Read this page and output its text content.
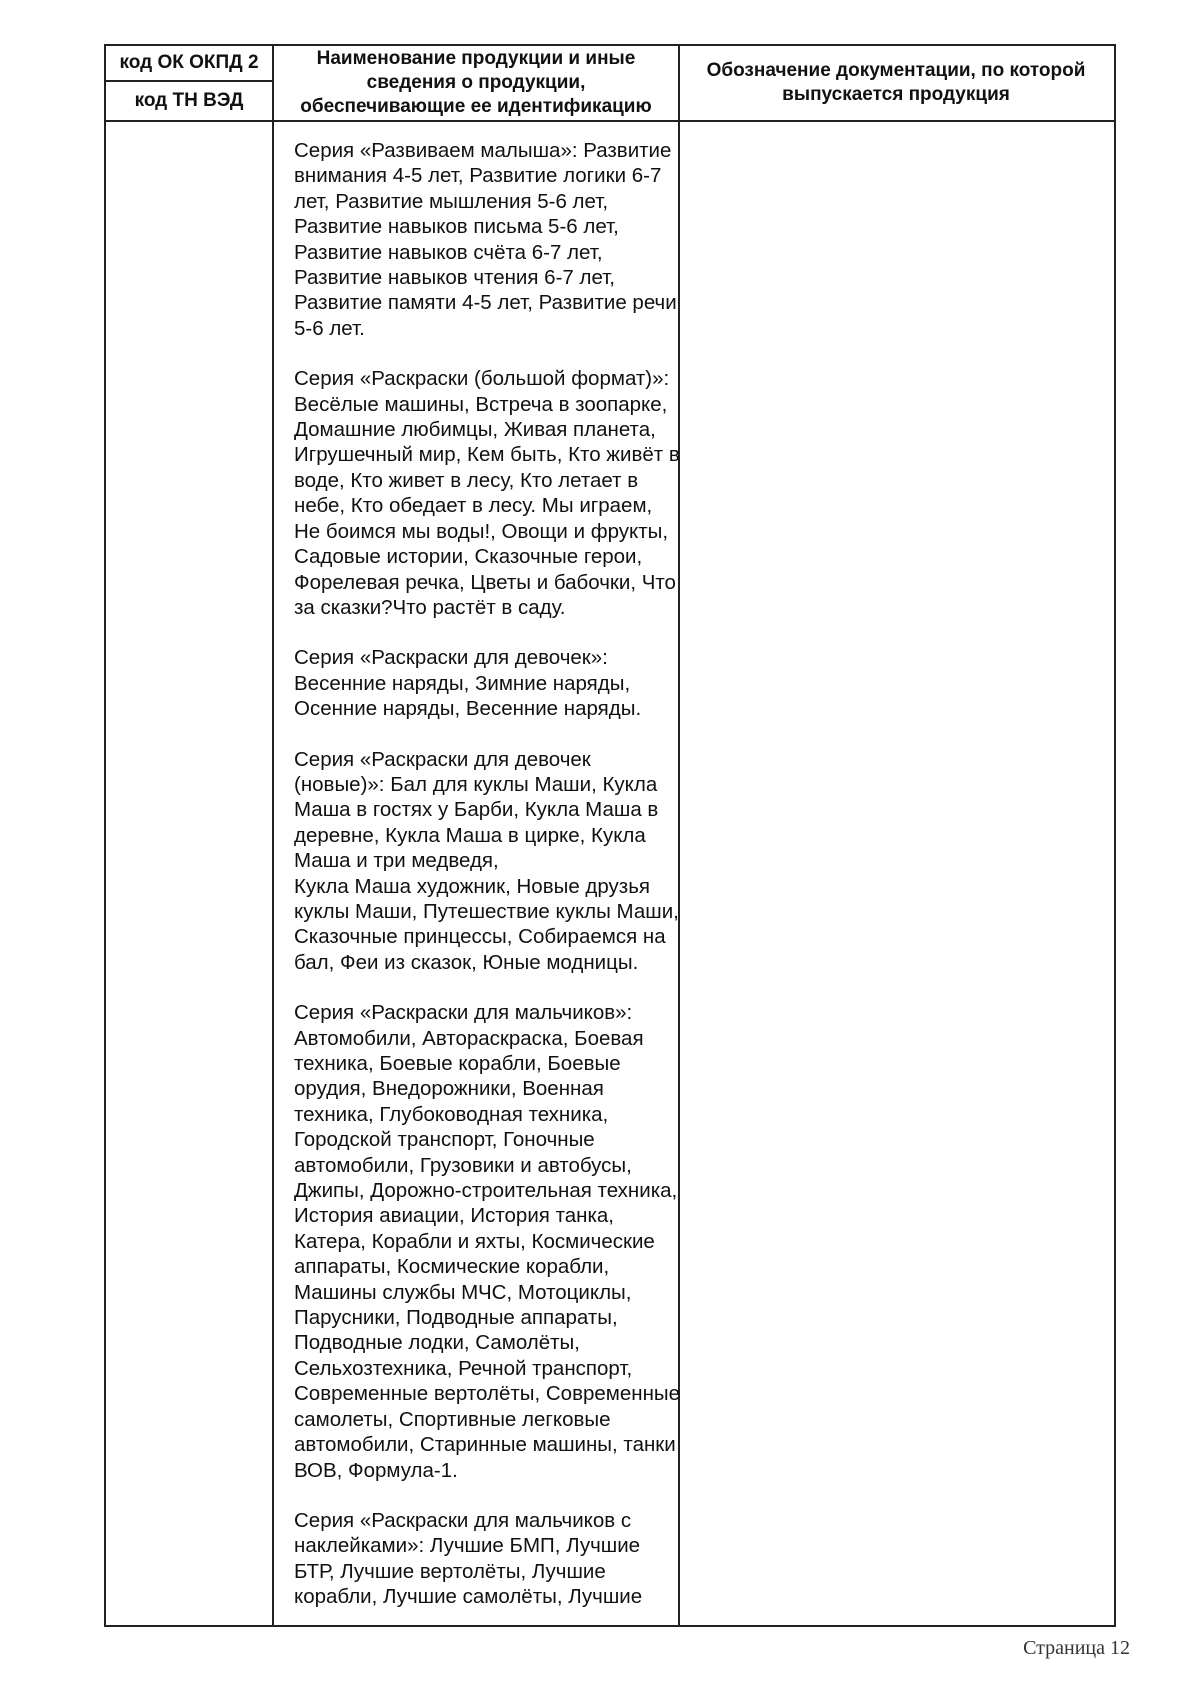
код ОК ОКПД 2
код ТН ВЭД
Наименование продукции и иные сведения о продукции, обеспечивающие ее идентификацию
Обозначение документации, по которой выпускается продукция

Серия «Развиваем малыша»: Развитие
внимания 4-5 лет, Развитие логики 6-7
лет, Развитие мышления 5-6 лет,
Развитие навыков письма 5-6 лет,
Развитие навыков счёта 6-7 лет,
Развитие навыков чтения 6-7 лет,
Развитие памяти 4-5 лет, Развитие речи
5-6 лет.

Серия «Раскраски (большой формат)»:
Весёлые машины, Встреча в зоопарке,
Домашние любимцы, Живая планета,
Игрушечный мир, Кем быть, Кто живёт в
воде, Кто живет в лесу, Кто летает в
небе, Кто обедает в лесу. Мы играем,
Не боимся мы воды!, Овощи и фрукты,
Садовые истории, Сказочные герои,
Форелевая речка, Цветы и бабочки, Что
за сказки?Что растёт в саду.

Серия «Раскраски для девочек»:
Весенние наряды, Зимние наряды,
Осенние наряды, Весенние наряды.

Серия «Раскраски для девочек
(новые)»: Бал для куклы Маши, Кукла
Маша в гостях у Барби, Кукла Маша в
деревне, Кукла Маша в цирке, Кукла
Маша и три медведя,
Кукла Маша художник, Новые друзья
куклы Маши, Путешествие куклы Маши,
Сказочные принцессы, Собираемся на
бал, Феи из сказок, Юные модницы.

Серия «Раскраски для мальчиков»:
Автомобили, Автораскраска, Боевая
техника, Боевые корабли, Боевые
орудия, Внедорожники, Военная
техника, Глубоководная техника,
Городской транспорт, Гоночные
автомобили, Грузовики и автобусы,
Джипы, Дорожно-строительная техника,
История авиации, История танка,
Катера, Корабли и яхты, Космические
аппараты, Космические корабли,
Машины службы МЧС, Мотоциклы,
Парусники, Подводные аппараты,
Подводные лодки, Самолёты,
Сельхозтехника, Речной транспорт,
Современные вертолёты, Современные
самолеты, Спортивные легковые
автомобили, Старинные машины, танки
ВОВ, Формула-1.

Серия «Раскраски для мальчиков с
наклейками»: Лучшие БМП, Лучшие
БТР, Лучшие вертолёты, Лучшие
корабли, Лучшие самолёты, Лучшие

Страница 12
